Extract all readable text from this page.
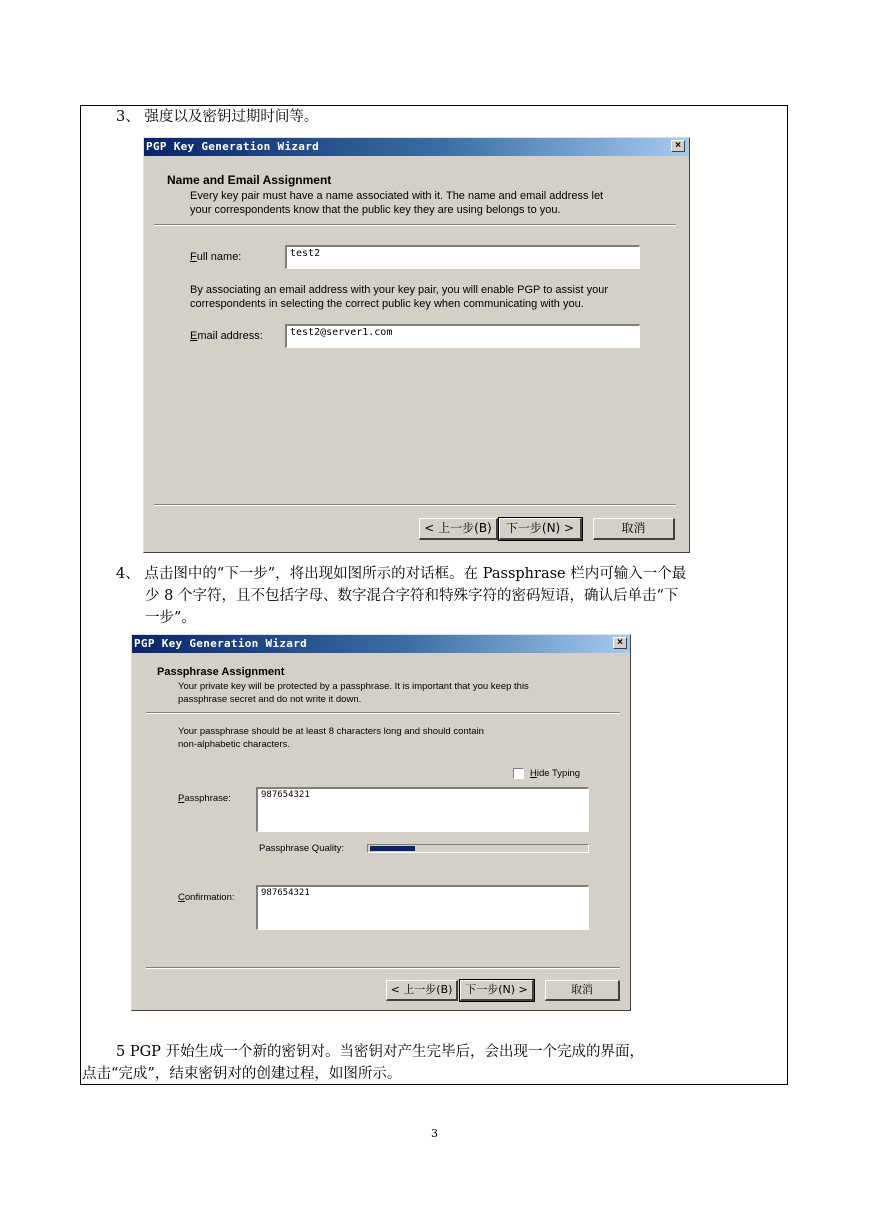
3、 强度以及密钥过期时间等。
PGP Key Generation Wizard	×
Name and Email Assignment
Every key pair must have a name associated with it. The name and email address let
your correspondents know that the public key they are using belongs to you.
Full name:	test2
By associating an email address with your key pair, you will enable PGP to assist your
correspondents in selecting the correct public key when communicating with you.
Email address:	test2@server1.com
< 上一步(B)	下一步(N) >	取消
4、 点击图中的“下一步”，将出现如图所示的对话框。在 Passphrase 栏内可输入一个最
少 8 个字符，且不包括字母、数字混合字符和特殊字符的密码短语，确认后单击“下
一步”。
PGP Key Generation Wizard	×
Passphrase Assignment
Your private key will be protected by a passphrase. It is important that you keep this
passphrase secret and do not write it down.
Your passphrase should be at least 8 characters long and should contain
non-alphabetic characters.
Hide Typing
Passphrase:	987654321
Passphrase Quality:
Confirmation:	987654321
< 上一步(B)	下一步(N) >	取消
5 PGP 开始生成一个新的密钥对。当密钥对产生完毕后，会出现一个完成的界面，
点击“完成”，结束密钥对的创建过程，如图所示。
3
